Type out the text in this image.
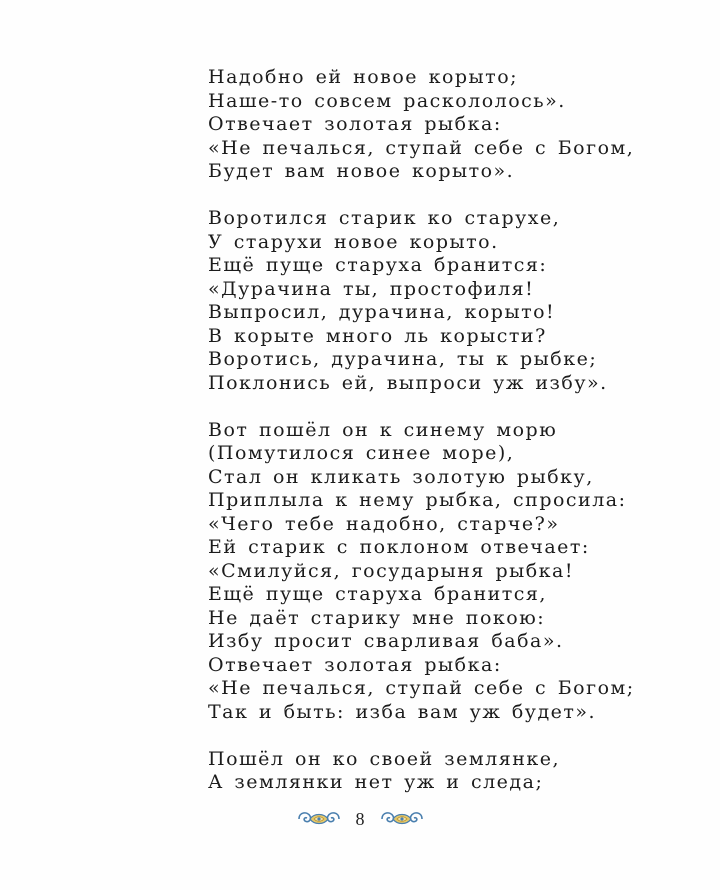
Надобно ей новое корыто;
Наше-то совсем раскололось».
Отвечает золотая рыбка:
«Не печалься, ступай себе с Богом,
Будет вам новое корыто».
Воротился старик ко старухе,
У старухи новое корыто.
Ещё пуще старуха бранится:
«Дурачина ты, простофиля!
Выпросил, дурачина, корыто!
В корыте много ль корысти?
Воротись, дурачина, ты к рыбке;
Поклонись ей, выпроси уж избу».
Вот пошёл он к синему морю
(Помутилося синее море),
Стал он кликать золотую рыбку,
Приплыла к нему рыбка, спросила:
«Чего тебе надобно, старче?»
Ей старик с поклоном отвечает:
«Смилуйся, государыня рыбка!
Ещё пуще старуха бранится,
Не даёт старику мне покою:
Избу просит сварливая баба».
Отвечает золотая рыбка:
«Не печалься, ступай себе с Богом;
Так и быть: изба вам уж будет».
Пошёл он ко своей землянке,
А землянки нет уж и следа;
8
